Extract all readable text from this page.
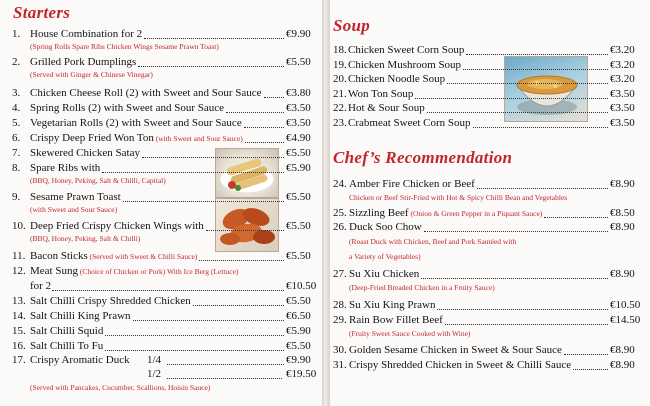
Starters
Soup
Chef’s Recommendation
1. House Combination for 2	€9.90
(Spring Rolls Spare Ribs Chicken Wings Sesame Prawn Toast)
2. Grilled Pork Dumplings	€5.50
(Served with Ginger & Chinese Vinegar)
3. Chicken Cheese Roll (2) with Sweet and Sour Sauce €3.80
4. Spring Rolls (2) with Sweet and Sour Sauce	€3.50
5. Vegetarian Rolls (2) with Sweet and Sour Sauce	€3.50
6. Crispy Deep Fried Won Ton (with Sweet and Sour Sauce)	€4.90
7. Skewered Chicken Satay	€5.50
8. Spare Ribs with	€5.90
(BBQ, Honey, Peking, Salt & Chilli, Capital)
9. Sesame Prawn Toast	€5.50
(with Sweet and Sour Sauce)
10. Deep Fried Crispy Chicken Wings with	€5.50
(BBQ, Honey, Peking, Salt & Chilli)
11. Bacon Sticks (Served with Sweet & Chilli Sauce)	€5.50
12. Meat Sung (Choice of Chicken or Pork) With Ice Berg (Lettuce)
for 2	€10.50
13. Salt Chilli Crispy Shredded Chicken	€5.50
14. Salt Chilli King Prawn	€6.50
15. Salt Chilli Squid	€5.90
16. Salt Chilli To Fu	€5.50
17. Crispy Aromatic Duck 1/4	€9.90
1/2	€19.50
(Served with Pancakes, Cucumber, Scallions, Hoisin Sauce)
18.Chicken Sweet Corn Soup	€3.20
19.Chicken Mushroom Soup	€3.20
20.Chicken Noodle Soup	€3.20
21.Won Ton Soup	€3.50
22.Hot & Sour Soup	€3.50
23.Crabmeat Sweet Corn Soup	€3.50
24. Amber Fire Chicken or Beef	€8.90
Chicken or Beef Stir-Fried with Hot & Spicy Chilli Bean and Vegetables
25. Sizzling Beef (Onion & Green Pepper in a Piquant Sauce)	€8.50
26. Duck Soo Chow	€8.90
(Roast Duck with Chicken, Beef and Pork Sautéed with
a Variety of Vegetables)
27. Su Xiu Chicken	€8.90
(Deep-Fried Breaded Chicken in a Fruity Sauce)
28. Su Xiu King Prawn	€10.50
29. Rain Bow Fillet Beef	€14.50
(Fruity Sweet Sauce Cooked with Wine)
30. Golden Sesame Chicken in Sweet & Sour Sauce	€8.90
31. Crispy Shredded Chicken in Sweet & Chilli Sauce	€8.90
